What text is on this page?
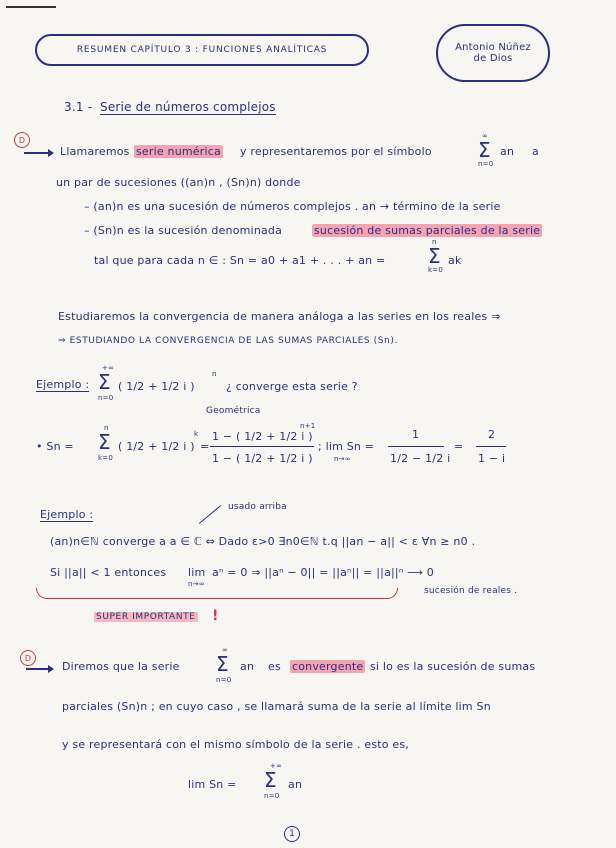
RESUMEN CAPÍTULO 3 : FUNCIONES ANALÍTICAS	Antonio Núñez
de Dios
3.1 - Serie de números complejos
D
Llamaremos serie numérica y representaremos por el símbolo
∞
Σ
n=0
an a
un par de sucesiones ((an)n , (Sn)n) donde
– (an)n es una sucesión de números complejos . an → término de la serie
– (Sn)n es la sucesión denominada	sucesión de sumas parciales de la serie
tal que para cada n ∈ : Sn = a0 + a1 + . . . + an =
n
Σ
k=0
ak
Estudiaremos la convergencia de manera análoga a las series en los reales ⇒
⇒ ESTUDIANDO LA CONVERGENCIA DE LAS SUMAS PARCIALES (Sn).
Ejemplo :
+∞
Σ
n=0
( 1/2 + 1/2 i )
n
¿ converge esta serie ?
Geométrica
• Sn =
n
Σ
k=0
( 1/2 + 1/2 i )
k
=
1 − ( 1/2 + 1/2 i )
n+1
1 − ( 1/2 + 1/2 i )
; lim Sn =
n→∞
1
1/2 − 1/2 i
=
2
1 − i
Ejemplo :
usado arriba
(an)n∈ℕ converge a a ∈ ℂ ⇔ Dado ε>0 ∃n0∈ℕ t.q ||an − a|| < ε ∀n ≥ n0 .
Si ||a|| < 1 entonces lim
n→∞
aⁿ = 0 ⇒ ||aⁿ − 0|| = ||aⁿ|| = ||a||ⁿ ⟶ 0
sucesión de reales .
SUPER IMPORTANTE !
D
Diremos que la serie
∞
Σ
n=0
an es convergente si lo es la sucesión de sumas
parciales (Sn)n ; en cuyo caso , se llamará suma de la serie al límite lim Sn
y se representará con el mismo símbolo de la serie . esto es,
lim Sn =
+∞
Σ
n=0
an
1
